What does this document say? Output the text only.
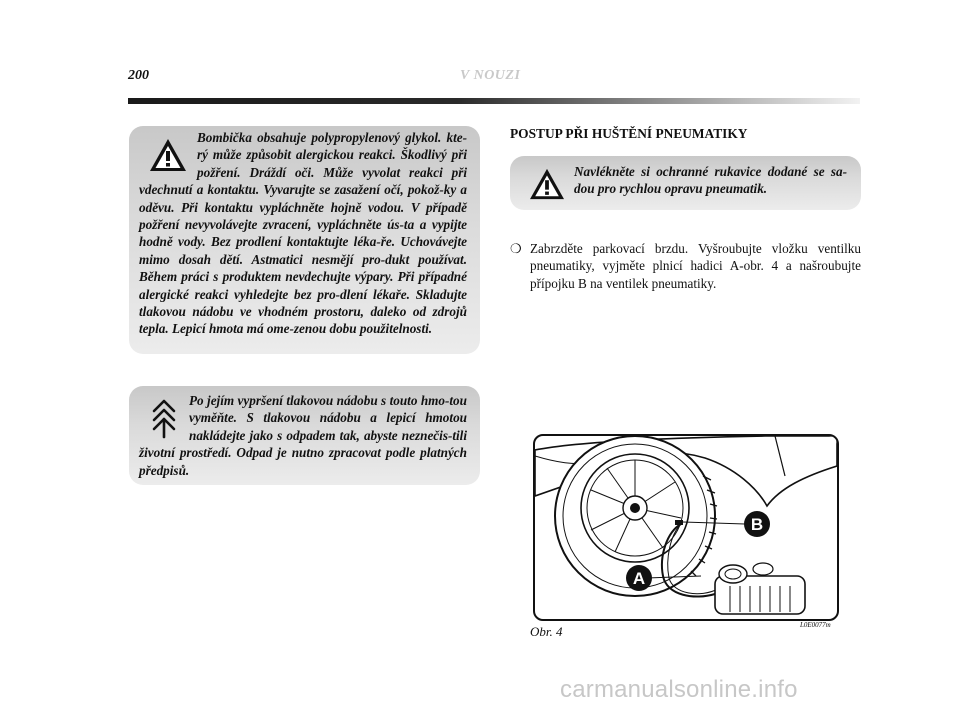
200	V NOUZI

Bombička obsahuje polypropylenový glykol. kte-rý může způsobit alergickou reakci. Škodlivý při požření. Dráždí oči. Může vyvolat reakci při vdechnutí a kontaktu. Vyvarujte se zasažení očí, pokož-ky a oděvu. Při kontaktu vypláchněte hojně vodou. V případě požření nevyvolávejte zvracení, vypláchněte ús-ta a vypijte hodně vody. Bez prodlení kontaktujte léka-ře. Uchovávejte mimo dosah dětí. Astmatici nesmějí pro-dukt používat. Během práci s produktem nevdechujte výpary. Při případné alergické reakci vyhledejte bez pro-dlení lékaře. Skladujte tlakovou nádobu ve vhodném prostoru, daleko od zdrojů tepla. Lepicí hmota má ome-zenou dobu použitelnosti.

Po jejím vypršení tlakovou nádobu s touto hmo-tou vyměňte. S tlakovou nádobu a lepicí hmotou nakládejte jako s odpadem tak, abyste neznečis-tili životní prostředí. Odpad je nutno zpracovat podle platných předpisů.

POSTUP PŘI HUŠTĚNÍ PNEUMATIKY

Navlékněte si ochranné rukavice dodané se sa-dou pro rychlou opravu pneumatik.

❍ Zabrzděte parkovací brzdu. Vyšroubujte vložku ventilku pneumatiky, vyjměte plnicí hadici A-obr. 4 a našroubujte přípojku B na ventilek pneumatiky.
B
A
Obr. 4	L0E0077m
carmanualsonline.info
